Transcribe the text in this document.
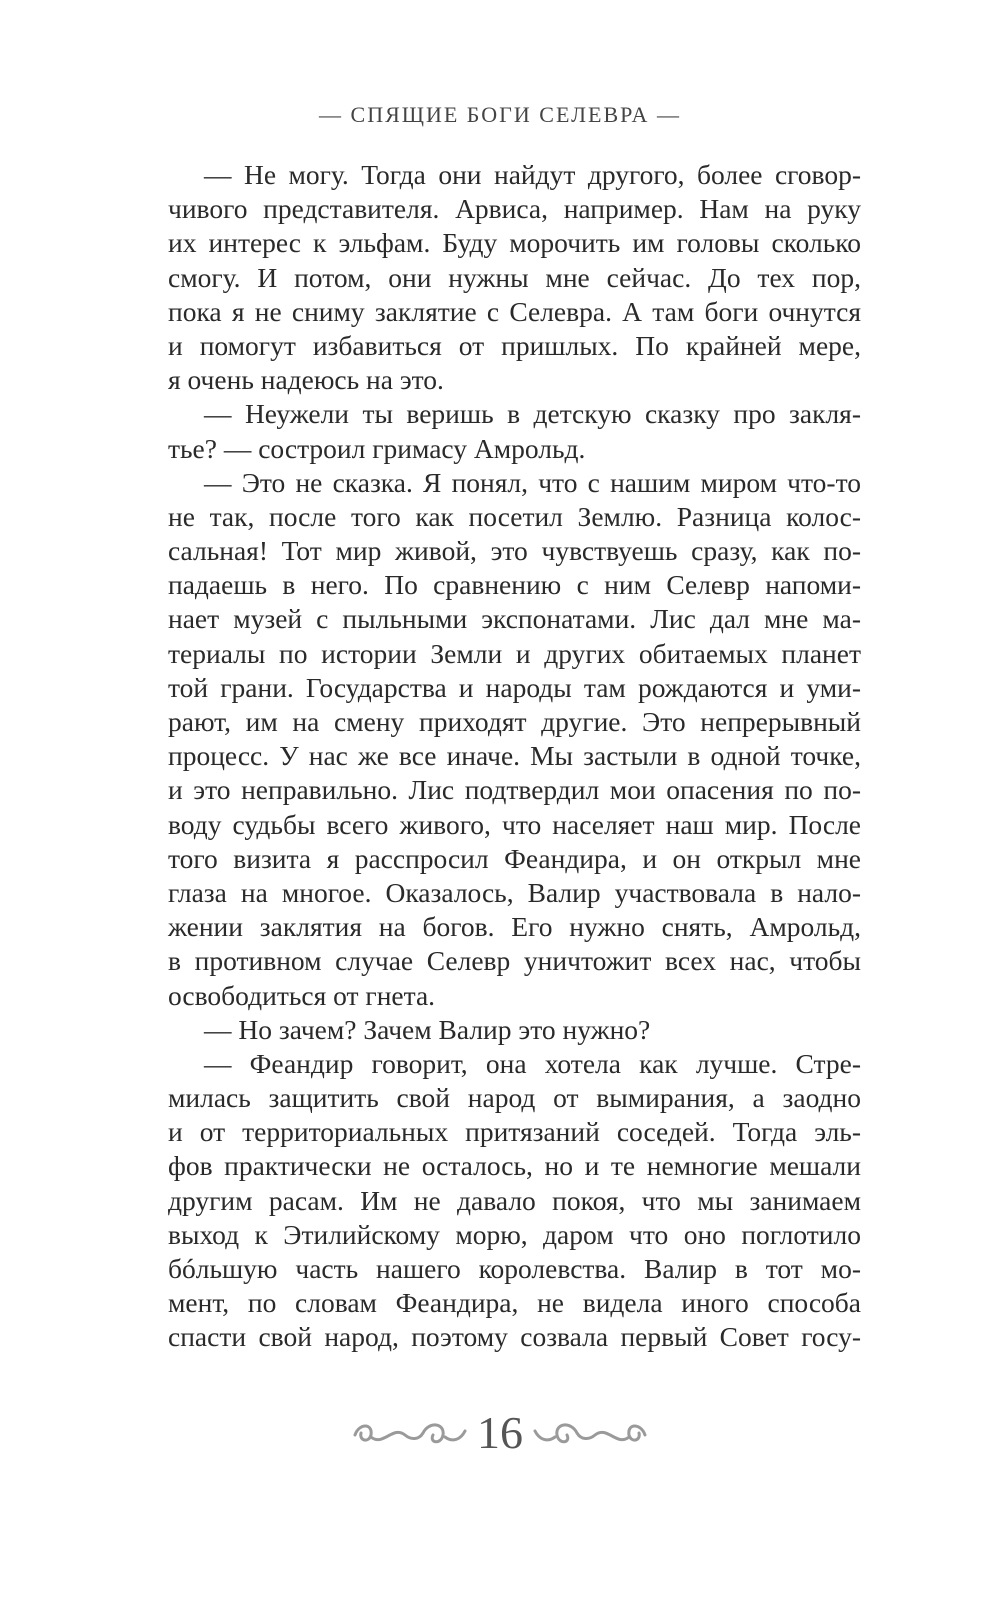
— СПЯЩИЕ БОГИ СЕЛЕВРА —
— Не могу. Тогда они найдут другого, более сговор-
чивого представителя. Арвиса, например. Нам на руку
их интерес к эльфам. Буду морочить им головы сколько
смогу. И потом, они нужны мне сейчас. До тех пор,
пока я не сниму заклятие с Селевра. А там боги очнутся
и помогут избавиться от пришлых. По крайней мере,
я очень надеюсь на это.
— Неужели ты веришь в детскую сказку про закля-
тье? — состроил гримасу Амрольд.
— Это не сказка. Я понял, что с нашим миром что-то
не так, после того как посетил Землю. Разница колос-
сальная! Тот мир живой, это чувствуешь сразу, как по-
падаешь в него. По сравнению с ним Селевр напоми-
нает музей с пыльными экспонатами. Лис дал мне ма-
териалы по истории Земли и других обитаемых планет
той грани. Государства и народы там рождаются и уми-
рают, им на смену приходят другие. Это непрерывный
процесс. У нас же все иначе. Мы застыли в одной точке,
и это неправильно. Лис подтвердил мои опасения по по-
воду судьбы всего живого, что населяет наш мир. После
того визита я расспросил Феандира, и он открыл мне
глаза на многое. Оказалось, Валир участвовала в нало-
жении заклятия на богов. Его нужно снять, Амрольд,
в противном случае Селевр уничтожит всех нас, чтобы
освободиться от гнета.
— Но зачем? Зачем Валир это нужно?
— Феандир говорит, она хотела как лучше. Стре-
милась защитить свой народ от вымирания, а заодно
и от территориальных притязаний соседей. Тогда эль-
фов практически не осталось, но и те немногие мешали
другим расам. Им не давало покоя, что мы занимаем
выход к Этилийскому морю, даром что оно поглотило
бóльшую часть нашего королевства. Валир в тот мо-
мент, по словам Феандира, не видела иного способа
спасти свой народ, поэтому созвала первый Совет госу-
16
